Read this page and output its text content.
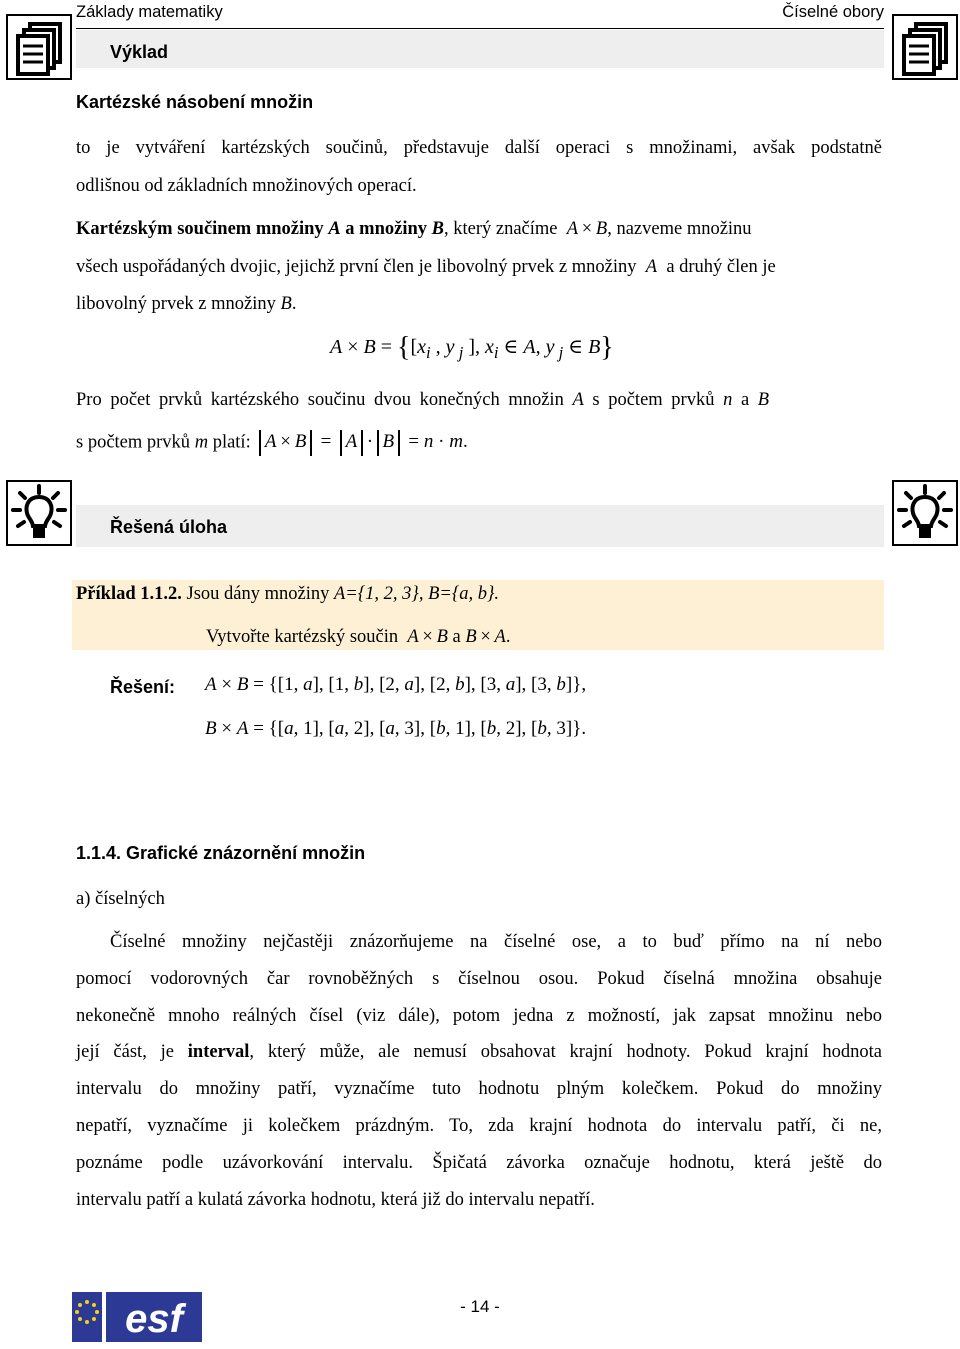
Základy matematiky	Číselné obory
Výklad
Kartézské násobení množin
to je vytváření kartézských součinů, představuje další operaci s množinami, avšak podstatně
odlišnou od základních množinových operací.
Kartézským součinem množiny A a množiny B, který značíme A × B, nazveme množinu
všech uspořádaných dvojic, jejichž první člen je libovolný prvek z množiny A a druhý člen je
libovolný prvek z množiny B.
$A \times B = \{[x_i$ , y $_j$ ], $x_i$ ∈ A, y $_j$ ∈ B}
Pro počet prvků kartézského součinu dvou konečných množin A s počtem prvků n a B
s počtem prvků m platí: A × B = A · B = n · m.
Řešená úloha
Příklad 1.1.2. Jsou dány množiny A={1, 2, 3}, B={a, b}.
Vytvořte kartézský součin A × B a B × A.
Řešení: A × B = {[1, a], [1, b], [2, a], [2, b], [3, a], [3, b]},
B × A = {[a, 1], [a, 2], [a, 3], [b, 1], [b, 2], [b, 3]}.
1.1.4. Grafické znázornění množin
a) číselných
Číselné množiny nejčastěji znázorňujeme na číselné ose, a to buď přímo na ní nebo
pomocí vodorovných čar rovnoběžných s číselnou osou. Pokud číselná množina obsahuje
nekonečně mnoho reálných čísel (viz dále), potom jedna z možností, jak zapsat množinu nebo
její část, je interval, který může, ale nemusí obsahovat krajní hodnoty. Pokud krajní hodnota
intervalu do množiny patří, vyznačíme tuto hodnotu plným kolečkem. Pokud do množiny
nepatří, vyznačíme ji kolečkem prázdným. To, zda krajní hodnota do intervalu patří, či ne,
poznáme podle uzávorkování intervalu. Špičatá závorka označuje hodnotu, která ještě do
intervalu patří a kulatá závorka hodnotu, která již do intervalu nepatří.
esf	- 14 -
